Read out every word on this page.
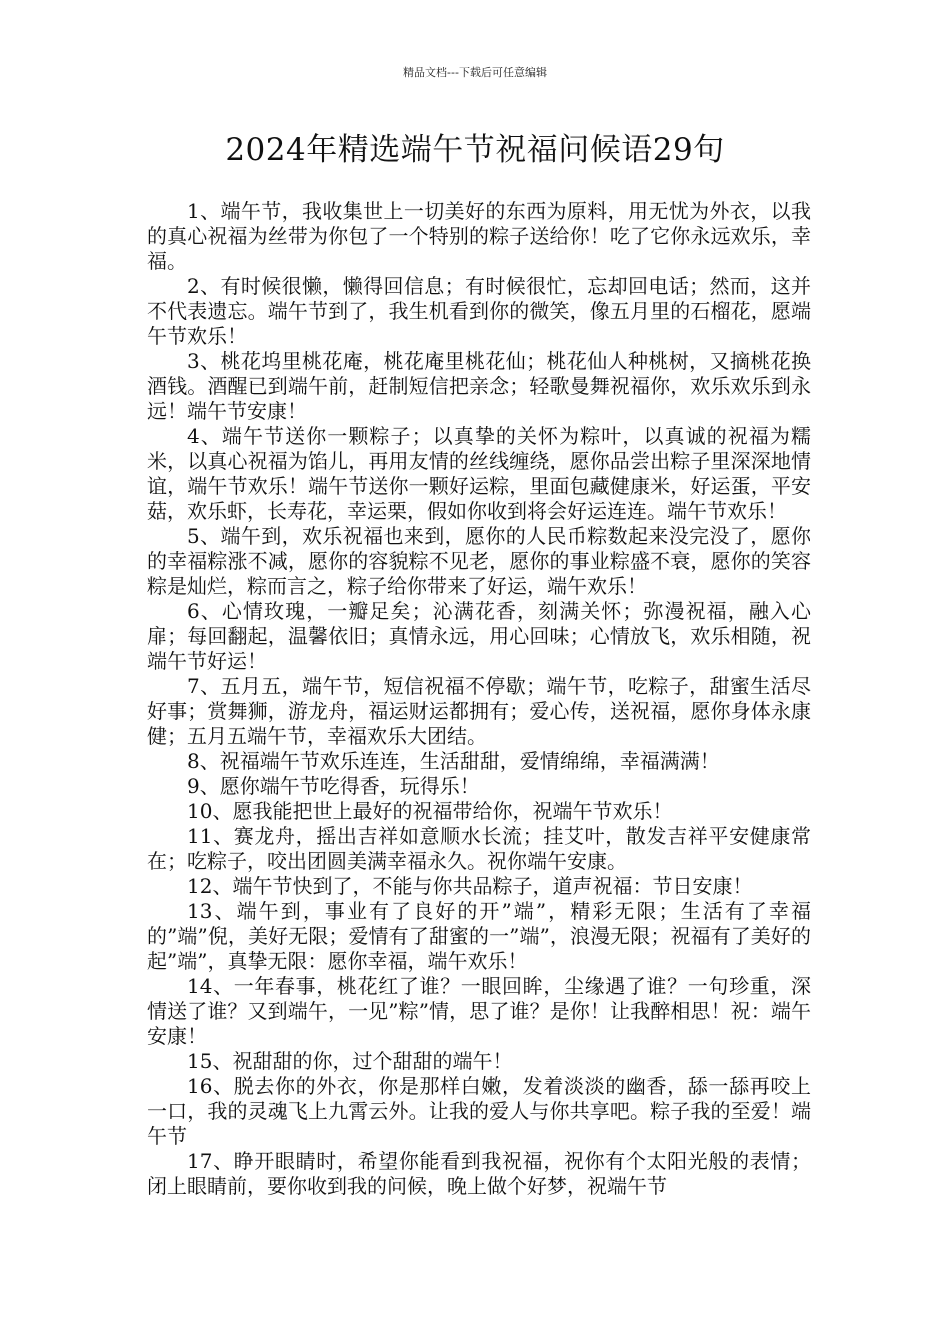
精品文档---下载后可任意编辑
2024年精选端午节祝福问候语29句

1、端午节，我收集世上一切美好的东西为原料，用无忧为外衣，以我的真心祝福为丝带为你包了一个特别的粽子送给你！吃了它你永远欢乐，幸福。

2、有时候很懒，懒得回信息；有时候很忙，忘却回电话；然而，这并不代表遗忘。端午节到了，我生机看到你的微笑，像五月里的石榴花，愿端午节欢乐！

3、桃花坞里桃花庵，桃花庵里桃花仙；桃花仙人种桃树，又摘桃花换酒钱。酒醒已到端午前，赶制短信把亲念；轻歌曼舞祝福你，欢乐欢乐到永远！端午节安康！

4、端午节送你一颗粽子；以真挚的关怀为粽叶，以真诚的祝福为糯米，以真心祝福为馅儿，再用友情的丝线缠绕，愿你品尝出粽子里深深地情谊，端午节欢乐！端午节送你一颗好运粽，里面包藏健康米，好运蛋，平安菇，欢乐虾，长寿花，幸运栗，假如你收到将会好运连连。端午节欢乐！

5、端午到，欢乐祝福也来到，愿你的人民币粽数起来没完没了，愿你的幸福粽涨不减，愿你的容貌粽不见老，愿你的事业粽盛不衰，愿你的笑容粽是灿烂，粽而言之，粽子给你带来了好运，端午欢乐！

6、心情玫瑰，一瓣足矣；沁满花香，刻满关怀；弥漫祝福，融入心扉；每回翻起，温馨依旧；真情永远，用心回味；心情放飞，欢乐相随，祝端午节好运！

7、五月五，端午节，短信祝福不停歇；端午节，吃粽子，甜蜜生活尽好事；赏舞狮，游龙舟，福运财运都拥有；爱心传，送祝福，愿你身体永康健；五月五端午节，幸福欢乐大团结。

8、祝福端午节欢乐连连，生活甜甜，爱情绵绵，幸福满满！

9、愿你端午节吃得香，玩得乐！

10、愿我能把世上最好的祝福带给你，祝端午节欢乐！

11、赛龙舟，摇出吉祥如意顺水长流；挂艾叶，散发吉祥平安健康常在；吃粽子，咬出团圆美满幸福永久。祝你端午安康。

12、端午节快到了，不能与你共品粽子，道声祝福：节日安康！

13、端午到，事业有了良好的开”端”，精彩无限；生活有了幸福的”端”倪，美好无限；爱情有了甜蜜的一”端”，浪漫无限；祝福有了美好的起”端”，真挚无限：愿你幸福，端午欢乐！

14、一年春事，桃花红了谁？一眼回眸，尘缘遇了谁？一句珍重，深情送了谁？又到端午，一见”粽”情，思了谁？是你！让我醉相思！祝：端午安康！

15、祝甜甜的你，过个甜甜的端午！

16、脱去你的外衣，你是那样白嫩，发着淡淡的幽香，舔一舔再咬上一口，我的灵魂飞上九霄云外。让我的爱人与你共享吧。粽子我的至爱！端午节

17、睁开眼睛时，希望你能看到我祝福，祝你有个太阳光般的表情；闭上眼睛前，要你收到我的问候，晚上做个好梦，祝端午节
